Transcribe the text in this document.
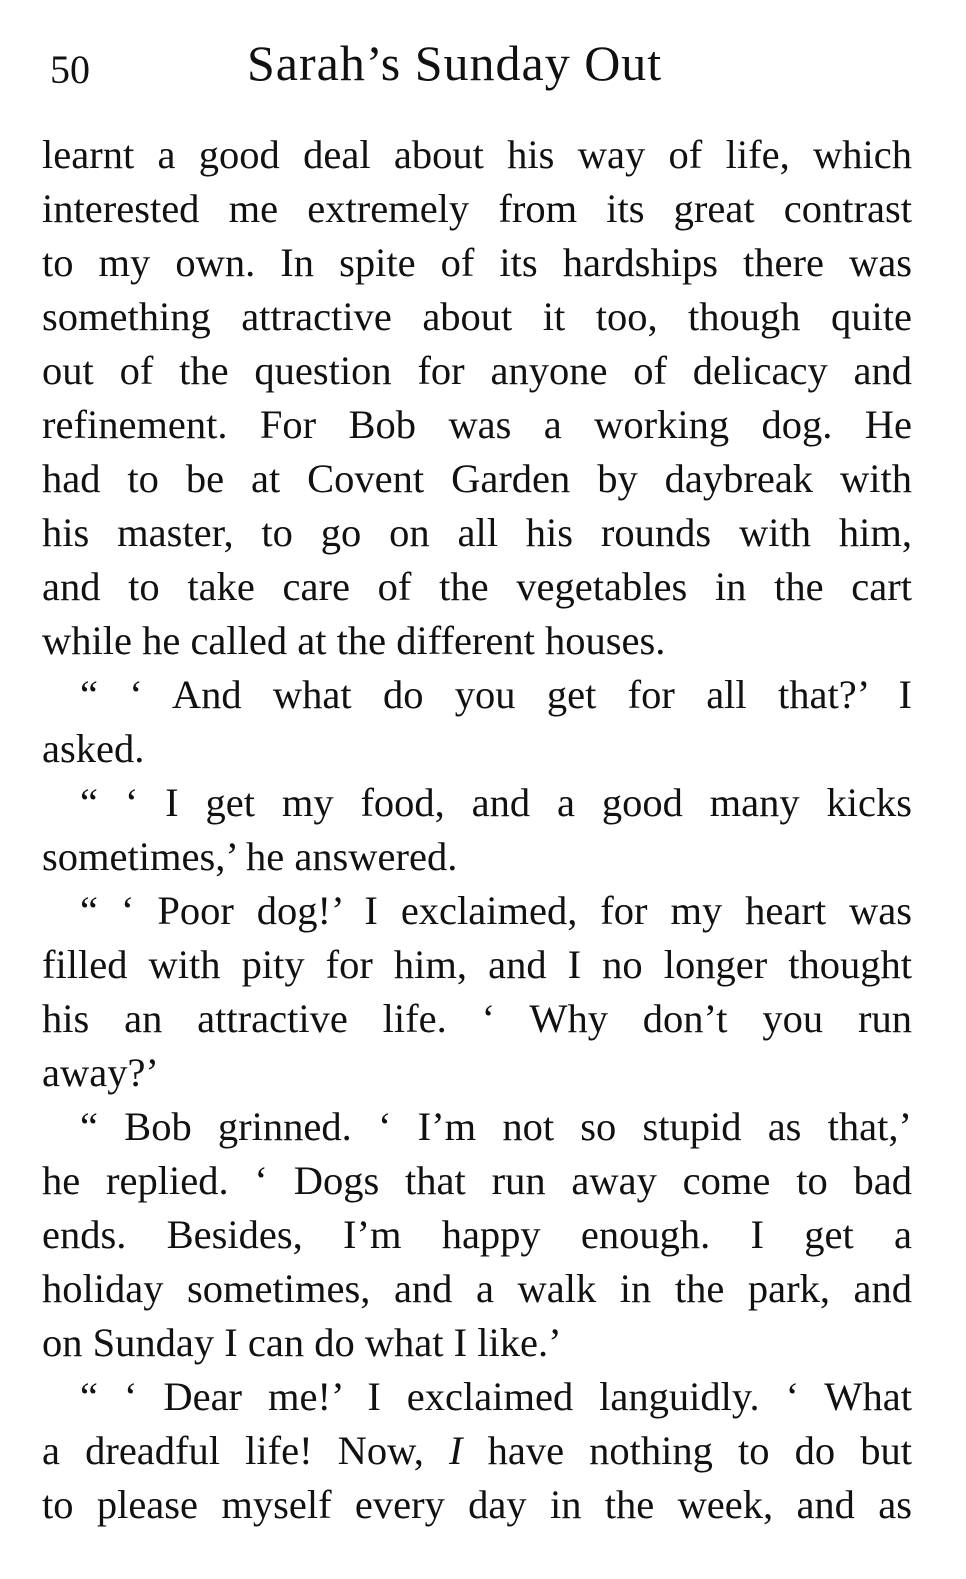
50	Sarah’s Sunday Out
learnt a good deal about his way of life, which
interested me extremely from its great contrast
to my own. In spite of its hardships there was
something attractive about it too, though quite
out of the question for anyone of delicacy and
refinement. For Bob was a working dog. He
had to be at Covent Garden by daybreak with
his master, to go on all his rounds with him,
and to take care of the vegetables in the cart
while he called at the different houses.
“ ‘ And what do you get for all that?’ I
asked.
“ ‘ I get my food, and a good many kicks
sometimes,’ he answered.
“ ‘ Poor dog!’ I exclaimed, for my heart was
filled with pity for him, and I no longer thought
his an attractive life. ‘ Why don’t you run
away?’
“ Bob grinned. ‘ I’m not so stupid as that,’
he replied. ‘ Dogs that run away come to bad
ends. Besides, I’m happy enough. I get a
holiday sometimes, and a walk in the park, and
on Sunday I can do what I like.’
“ ‘ Dear me!’ I exclaimed languidly. ‘ What
a dreadful life! Now, I have nothing to do but
to please myself every day in the week, and as
